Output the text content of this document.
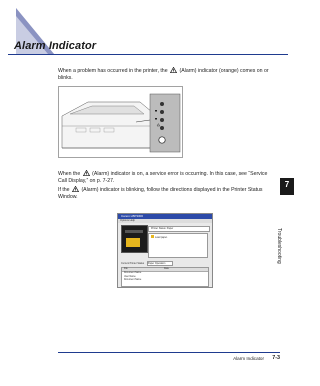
Alarm Indicator
When a problem has occurred in the printer, the (Alarm) indicator (orange) comes on or blinks.
When the (Alarm) indicator is on, a service error is occurring. In this case, see “Service Call Display,” on p. 7-27.
If the (Alarm) indicator is blinking, follow the directions displayed in the Printer Status Window.
Canon LBP3300
Options Help
Printer Status: Paper
Load paper.
Current Printer Status Paper Operation
File	Date
Document Name
User Name
Document Name
7
Troubleshooting
Alarm Indicator 7-3
